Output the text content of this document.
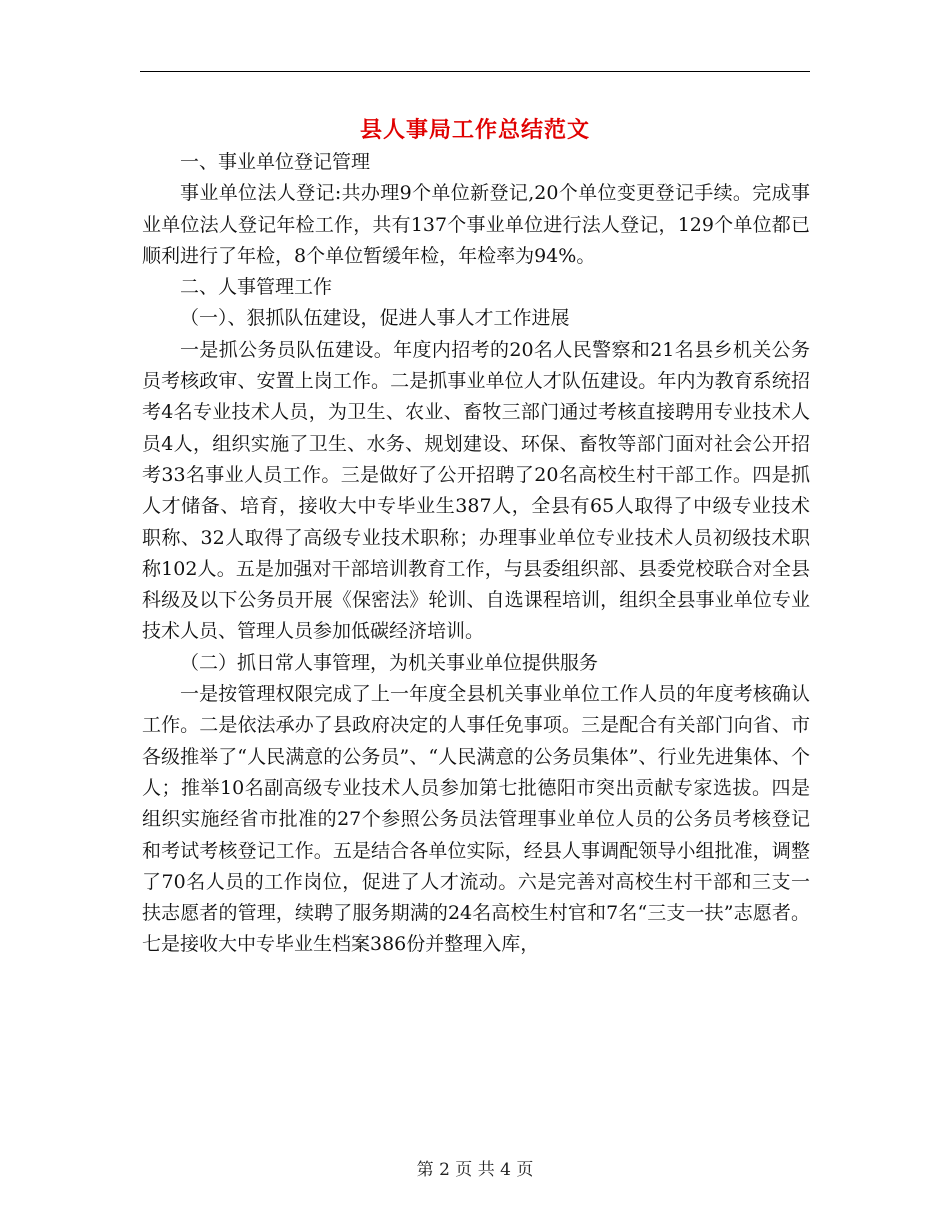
县人事局工作总结范文

一、事业单位登记管理

事业单位法人登记:共办理9个单位新登记,20个单位变更登记手续。完成事业单位法人登记年检工作，共有137个事业单位进行法人登记，129个单位都已顺利进行了年检，8个单位暂缓年检，年检率为94%。

二、人事管理工作

（一）、狠抓队伍建设，促进人事人才工作进展

一是抓公务员队伍建设。年度内招考的20名人民警察和21名县乡机关公务员考核政审、安置上岗工作。二是抓事业单位人才队伍建设。年内为教育系统招考4名专业技术人员，为卫生、农业、畜牧三部门通过考核直接聘用专业技术人员4人，组织实施了卫生、水务、规划建设、环保、畜牧等部门面对社会公开招考33名事业人员工作。三是做好了公开招聘了20名高校生村干部工作。四是抓人才储备、培育，接收大中专毕业生387人，全县有65人取得了中级专业技术职称、32人取得了高级专业技术职称；办理事业单位专业技术人员初级技术职称102人。五是加强对干部培训教育工作，与县委组织部、县委党校联合对全县科级及以下公务员开展《保密法》轮训、自选课程培训，组织全县事业单位专业技术人员、管理人员参加低碳经济培训。

（二）抓日常人事管理，为机关事业单位提供服务

一是按管理权限完成了上一年度全县机关事业单位工作人员的年度考核确认工作。二是依法承办了县政府决定的人事任免事项。三是配合有关部门向省、市各级推举了“人民满意的公务员”、“人民满意的公务员集体”、行业先进集体、个人；推举10名副高级专业技术人员参加第七批德阳市突出贡献专家选拔。四是组织实施经省市批准的27个参照公务员法管理事业单位人员的公务员考核登记和考试考核登记工作。五是结合各单位实际，经县人事调配领导小组批准，调整了70名人员的工作岗位，促进了人才流动。六是完善对高校生村干部和三支一扶志愿者的管理，续聘了服务期满的24名高校生村官和7名“三支一扶”志愿者。七是接收大中专毕业生档案386份并整理入库，

第 2 页 共 4 页
